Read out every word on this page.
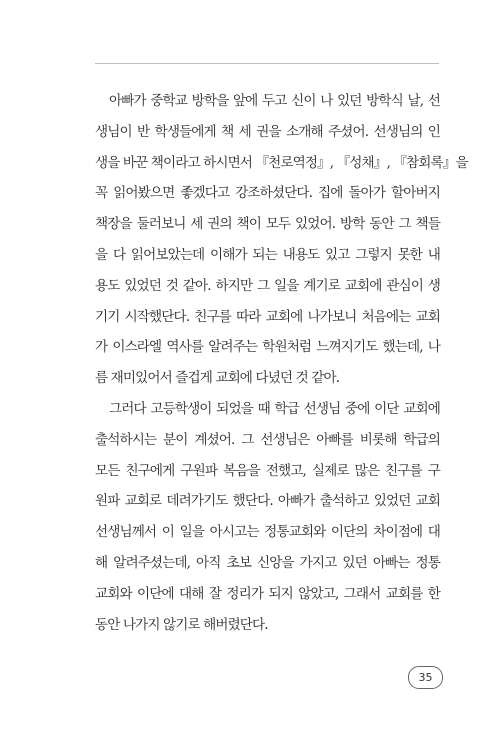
아빠가 중학교 방학을 앞에 두고 신이 나 있던 방학식 날, 선
생님이 반 학생들에게 책 세 권을 소개해 주셨어. 선생님의 인
생을 바꾼 책이라고 하시면서 『천로역정』, 『성채』, 『참회록』을
꼭 읽어봤으면 좋겠다고 강조하셨단다. 집에 돌아가 할아버지
책장을 둘러보니 세 권의 책이 모두 있었어. 방학 동안 그 책들
을 다 읽어보았는데 이해가 되는 내용도 있고 그렇지 못한 내
용도 있었던 것 같아. 하지만 그 일을 계기로 교회에 관심이 생
기기 시작했단다. 친구를 따라 교회에 나가보니 처음에는 교회
가 이스라엘 역사를 알려주는 학원처럼 느껴지기도 했는데, 나
름 재미있어서 즐겁게 교회에 다녔던 것 같아.
그러다 고등학생이 되었을 때 학급 선생님 중에 이단 교회에
출석하시는 분이 계셨어. 그 선생님은 아빠를 비롯해 학급의
모든 친구에게 구원파 복음을 전했고, 실제로 많은 친구를 구
원파 교회로 데려가기도 했단다. 아빠가 출석하고 있었던 교회
선생님께서 이 일을 아시고는 정통교회와 이단의 차이점에 대
해 알려주셨는데, 아직 초보 신앙을 가지고 있던 아빠는 정통
교회와 이단에 대해 잘 정리가 되지 않았고, 그래서 교회를 한
동안 나가지 않기로 해버렸단다.
35
